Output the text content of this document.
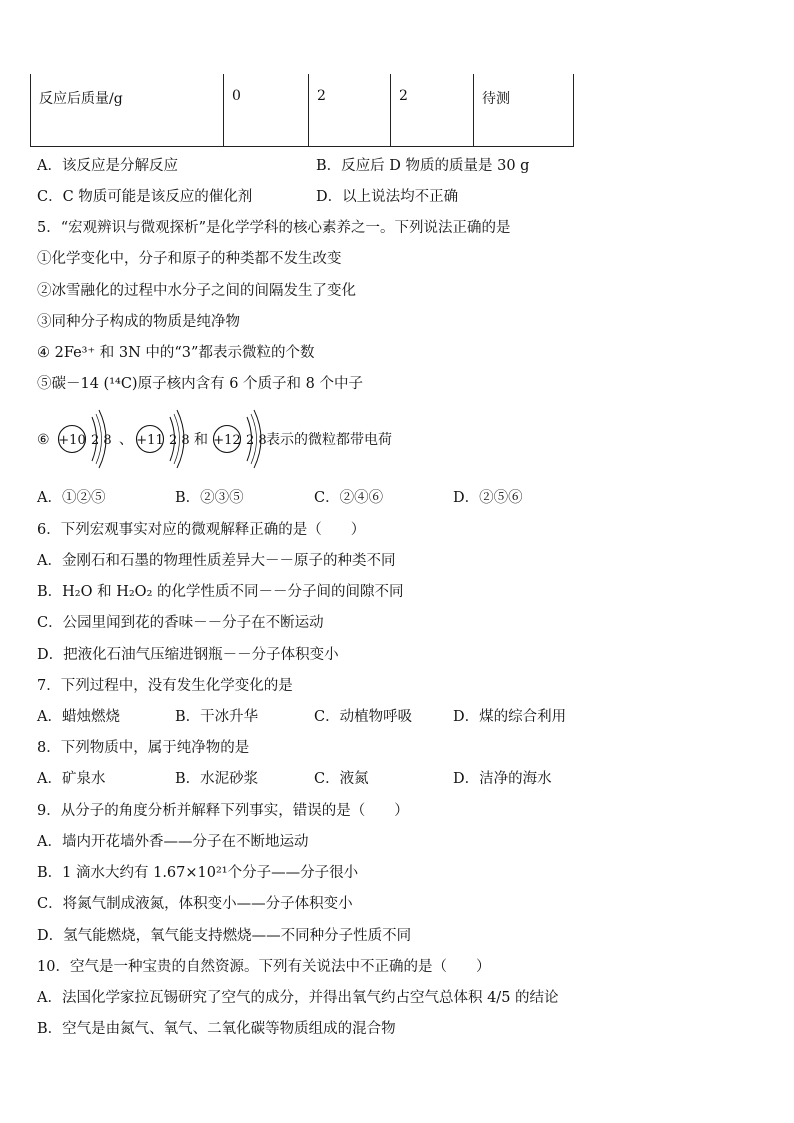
反应后质量/g	0	2	2	待测
A．该反应是分解反应	B．反应后 D 物质的质量是 30 g
C．C 物质可能是该反应的催化剂	D．以上说法均不正确
5．“宏观辨识与微观探析”是化学学科的核心素养之一。下列说法正确的是
①化学变化中，分子和原子的种类都不发生改变
②冰雪融化的过程中水分子之间的间隔发生了变化
③同种分子构成的物质是纯净物
④ 2Fe³⁺ 和 3N 中的“3”都表示微粒的个数
⑤碳－14 (¹⁴C)原子核内含有 6 个质子和 8 个中子
⑥ +10 2 8 、 +11 2 8 和 +12 2 8 表示的微粒都带电荷
A．①②⑤	B．②③⑤	C．②④⑥	D．②⑤⑥
6．下列宏观事实对应的微观解释正确的是（　　）
A．金刚石和石墨的物理性质差异大－－原子的种类不同
B．H₂O 和 H₂O₂ 的化学性质不同－－分子间的间隙不同
C．公园里闻到花的香味－－分子在不断运动
D．把液化石油气压缩进钢瓶－－分子体积变小
7．下列过程中，没有发生化学变化的是
A．蜡烛燃烧	B．干冰升华	C．动植物呼吸	D．煤的综合利用
8．下列物质中，属于纯净物的是
A．矿泉水	B．水泥砂浆	C．液氮	D．洁净的海水
9．从分子的角度分析并解释下列事实，错误的是（　　）
A．墙内开花墙外香——分子在不断地运动
B．1 滴水大约有 1.67×10²¹个分子——分子很小
C．将氮气制成液氮，体积变小——分子体积变小
D．氢气能燃烧，氧气能支持燃烧——不同种分子性质不同
10．空气是一种宝贵的自然资源。下列有关说法中不正确的是（　　）
A．法国化学家拉瓦锡研究了空气的成分，并得出氧气约占空气总体积 4/5 的结论
B．空气是由氮气、氧气、二氧化碳等物质组成的混合物
